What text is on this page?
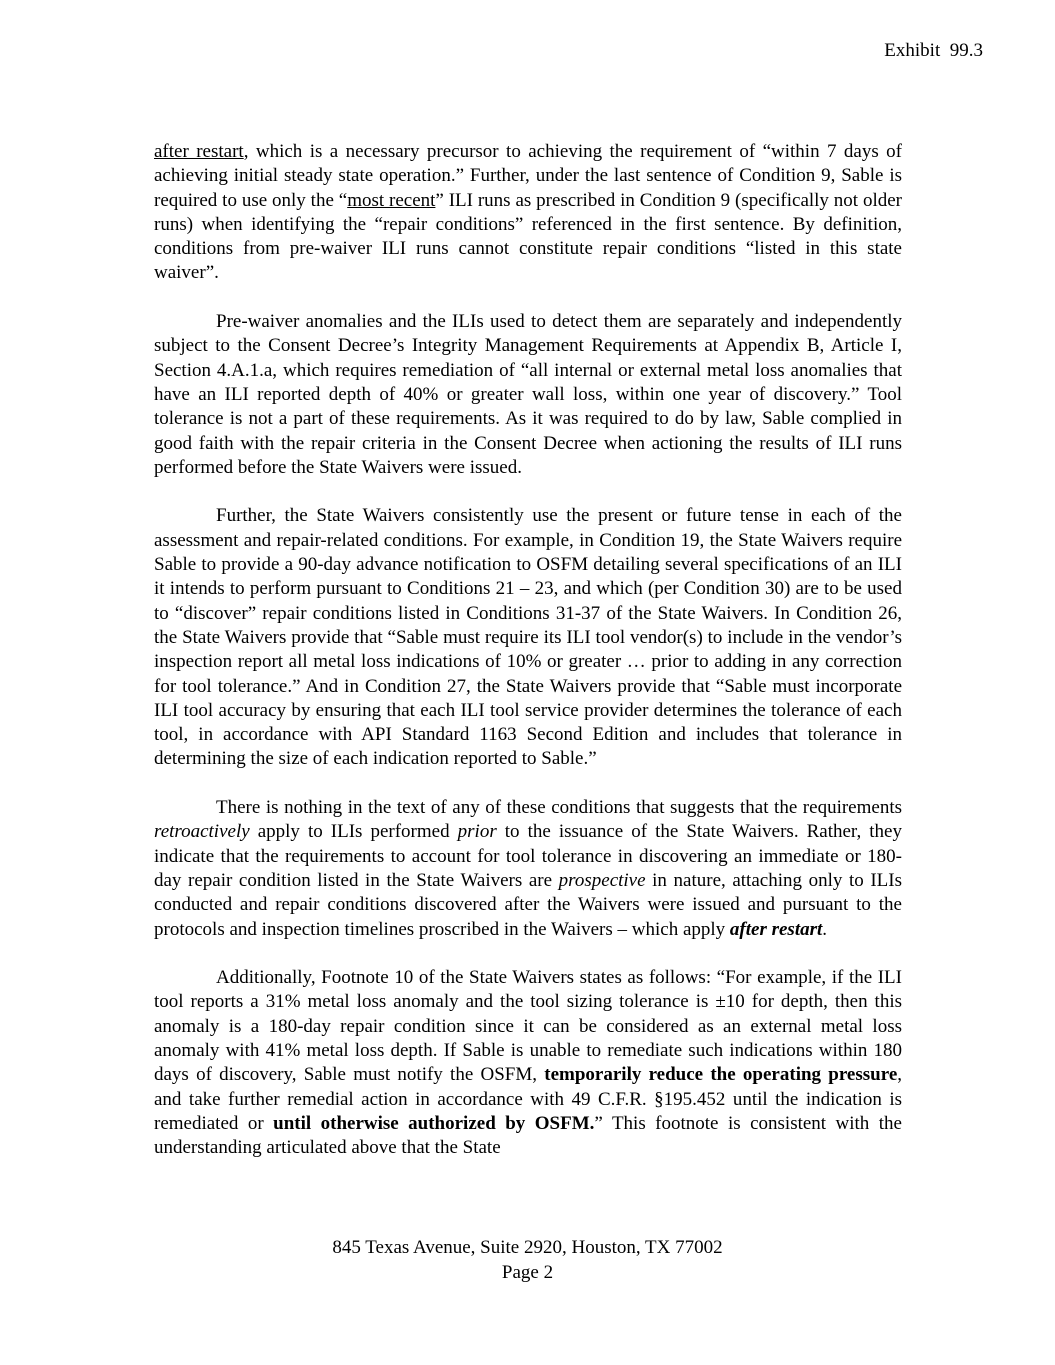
Exhibit  99.3

after restart, which is a necessary precursor to achieving the requirement of “within 7 days of achieving initial steady state operation.” Further, under the last sentence of Condition 9, Sable is required to use only the “most recent” ILI runs as prescribed in Condition 9 (specifically not older runs) when identifying the “repair conditions” referenced in the first sentence. By definition, conditions from pre-waiver ILI runs cannot constitute repair conditions “listed in this state waiver”.

Pre-waiver anomalies and the ILIs used to detect them are separately and independently subject to the Consent Decree’s Integrity Management Requirements at Appendix B, Article I, Section 4.A.1.a, which requires remediation of “all internal or external metal loss anomalies that have an ILI reported depth of 40% or greater wall loss, within one year of discovery.” Tool tolerance is not a part of these requirements. As it was required to do by law, Sable complied in good faith with the repair criteria in the Consent Decree when actioning the results of ILI runs performed before the State Waivers were issued.

Further, the State Waivers consistently use the present or future tense in each of the assessment and repair-related conditions. For example, in Condition 19, the State Waivers require Sable to provide a 90-day advance notification to OSFM detailing several specifications of an ILI it intends to perform pursuant to Conditions 21 – 23, and which (per Condition 30) are to be used to “discover” repair conditions listed in Conditions 31-37 of the State Waivers. In Condition 26, the State Waivers provide that “Sable must require its ILI tool vendor(s) to include in the vendor’s inspection report all metal loss indications of 10% or greater … prior to adding in any correction for tool tolerance.” And in Condition 27, the State Waivers provide that “Sable must incorporate ILI tool accuracy by ensuring that each ILI tool service provider determines the tolerance of each tool, in accordance with API Standard 1163 Second Edition and includes that tolerance in determining the size of each indication reported to Sable.”

There is nothing in the text of any of these conditions that suggests that the requirements retroactively apply to ILIs performed prior to the issuance of the State Waivers. Rather, they indicate that the requirements to account for tool tolerance in discovering an immediate or 180-day repair condition listed in the State Waivers are prospective in nature, attaching only to ILIs conducted and repair conditions discovered after the Waivers were issued and pursuant to the protocols and inspection timelines proscribed in the Waivers – which apply after restart.

Additionally, Footnote 10 of the State Waivers states as follows: “For example, if the ILI tool reports a 31% metal loss anomaly and the tool sizing tolerance is ±10 for depth, then this anomaly is a 180-day repair condition since it can be considered as an external metal loss anomaly with 41% metal loss depth. If Sable is unable to remediate such indications within 180 days of discovery, Sable must notify the OSFM, temporarily reduce the operating pressure, and take further remedial action in accordance with 49 C.F.R. §195.452 until the indication is remediated or until otherwise authorized by OSFM.” This footnote is consistent with the understanding articulated above that the State

845 Texas Avenue, Suite 2920, Houston, TX 77002
Page 2
